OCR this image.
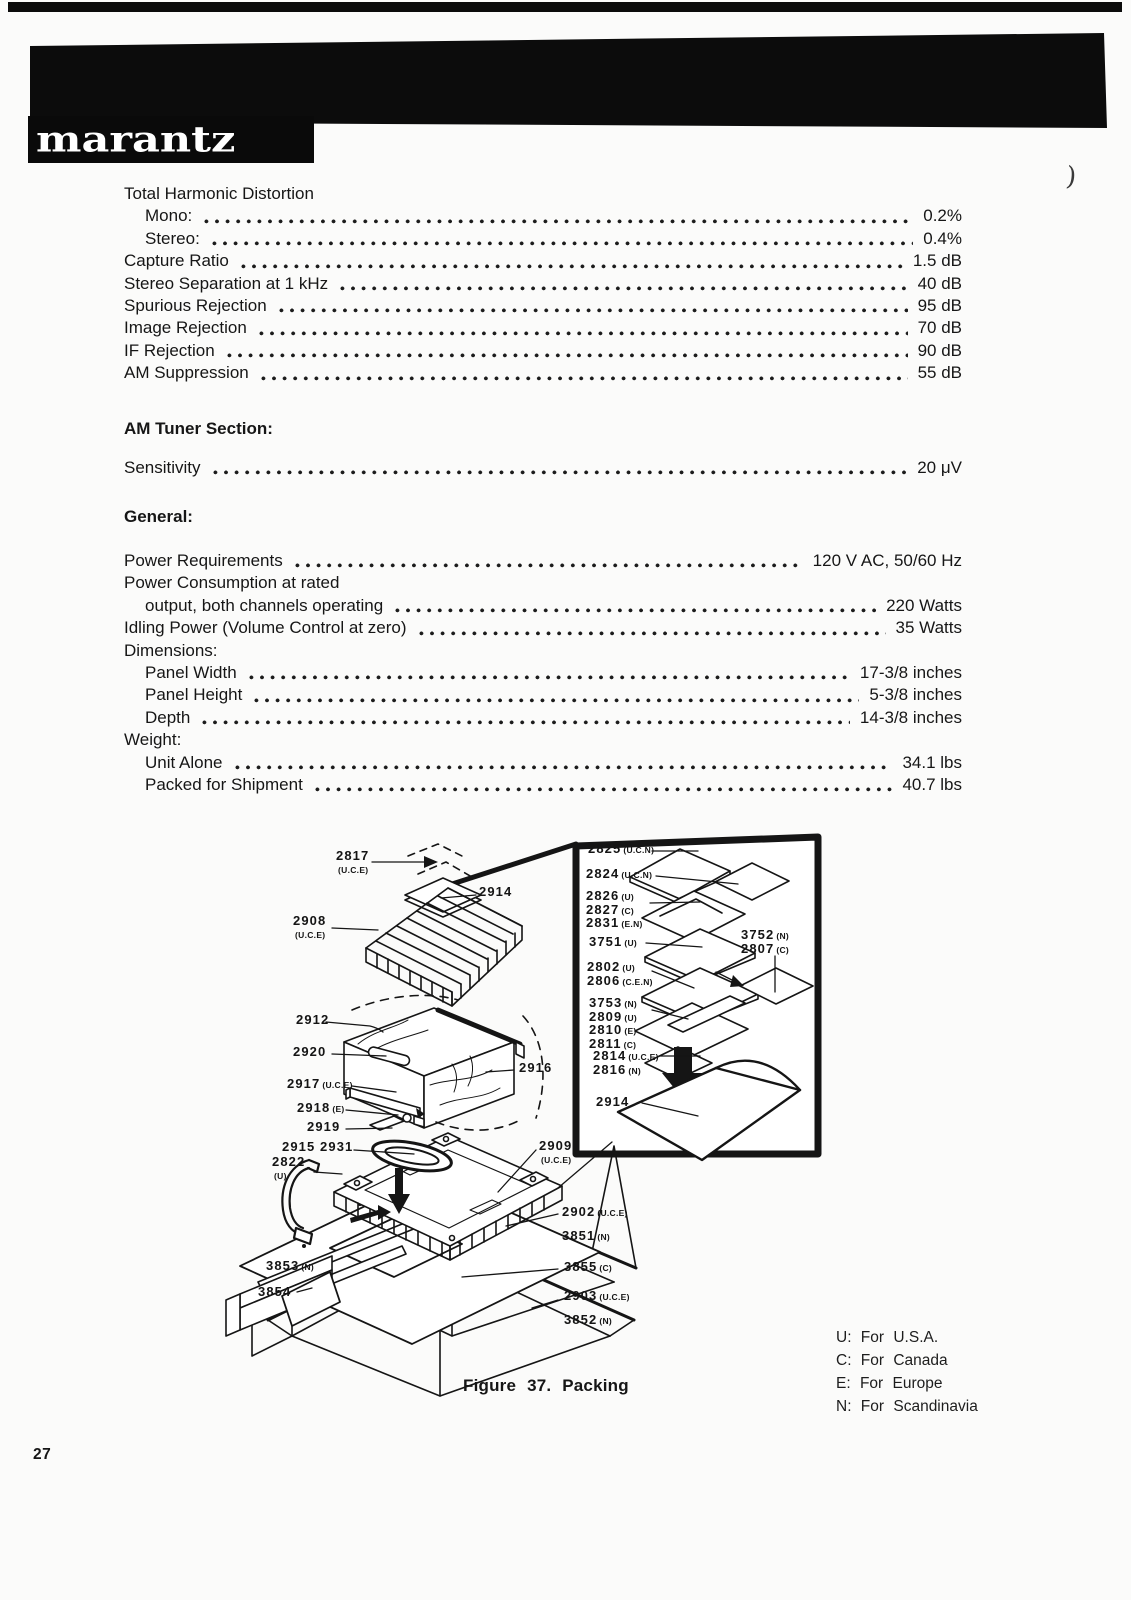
marantz
)
Total Harmonic Distortion
Mono:	0.2%
Stereo:	0.4%
Capture Ratio	1.5 dB
Stereo Separation at 1 kHz	40 dB
Spurious Rejection	95 dB
Image Rejection	70 dB
IF Rejection	90 dB
AM Suppression	55 dB
AM Tuner Section:
Sensitivity	20 μV
General:
Power Requirements	120 V AC, 50/60 Hz
Power Consumption at rated
output, both channels operating	220 Watts
Idling Power (Volume Control at zero)	35 Watts
Dimensions:
Panel Width	17-3/8 inches
Panel Height	5-3/8 inches
Depth	14-3/8 inches
Weight:
Unit Alone	34.1 lbs
Packed for Shipment	40.7 lbs
2817
(U.C.E)
2914
2908
(U.C.E)
2912
2920
2916
2917 (U.C.E)
2918 (E)
2919
2915 2931
2822
(U)
2909
(U.C.E)
2902 (U.C.E)
3851 (N)
3853 (N)
3854
3855 (C)
2903 (U.C.E)
3852 (N)
2825 (U.C.N)
2824 (U.C.N)
2826 (U)
2827 (C)
2831 (E.N)
3751 (U)
3752 (N)
2807 (C)
2802 (U)
2806 (C.E.N)
3753 (N)
2809 (U)
2810 (E)
2811 (C)
2814 (U.C.E)
2816 (N)
2914
Figure 37. Packing
U: For U.S.A.
C: For Canada
E: For Europe
N: For Scandinavia
27
